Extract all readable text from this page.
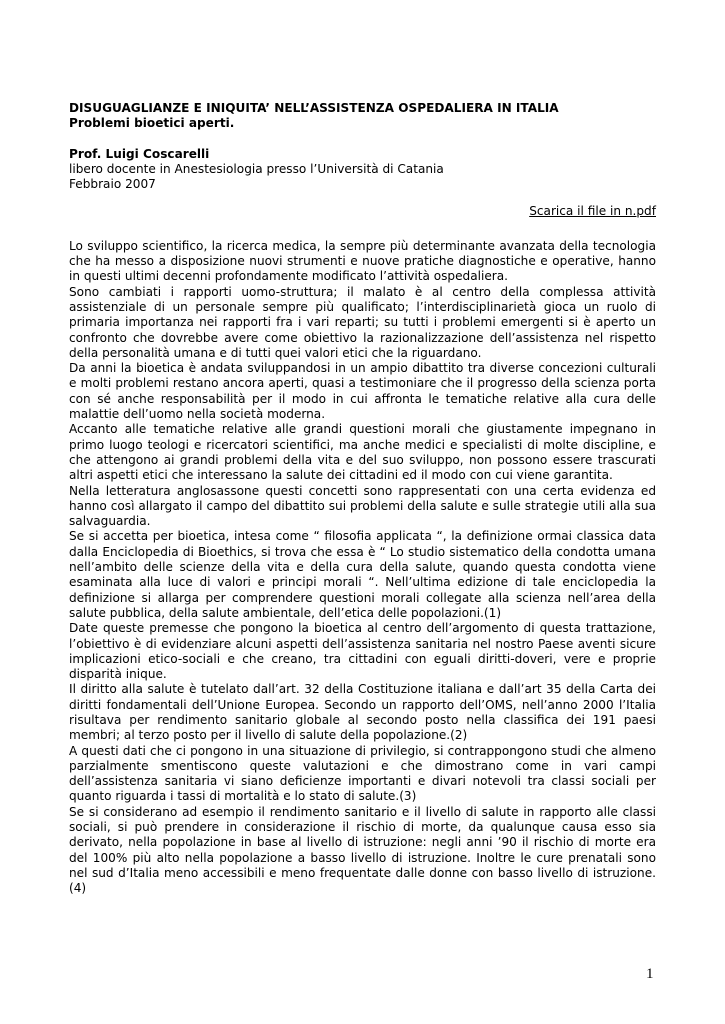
DISUGUAGLIANZE E INIQUITA’ NELL’ASSISTENZA OSPEDALIERA IN ITALIA

Problemi bioetici aperti.

Prof. Luigi Coscarelli

libero docente in Anestesiologia presso l’Università di Catania

Febbraio 2007

Scarica il file in n.pdf

Lo sviluppo scientifico, la ricerca medica, la sempre più determinante avanzata della tecnologia che ha messo a disposizione nuovi strumenti e nuove pratiche diagnostiche e operative, hanno in questi ultimi decenni profondamente modificato l’attività ospedaliera.

Sono cambiati i rapporti uomo-struttura; il malato è al centro della complessa attività assistenziale di un personale sempre più qualificato; l’interdisciplinarietà gioca un ruolo di primaria importanza nei rapporti fra i vari reparti; su tutti i problemi emergenti si è aperto un confronto che dovrebbe avere come obiettivo la razionalizzazione dell’assistenza nel rispetto della personalità umana e di tutti quei valori etici che la riguardano.

Da anni la bioetica è andata sviluppandosi in un ampio dibattito tra diverse concezioni culturali e molti problemi restano ancora aperti, quasi a testimoniare che il progresso della scienza porta con sé anche responsabilità per il modo in cui affronta le tematiche relative alla cura delle malattie dell’uomo nella società moderna.

Accanto alle tematiche relative alle grandi questioni morali che giustamente impegnano in primo luogo teologi e ricercatori scientifici, ma anche medici e specialisti di molte discipline, e che attengono ai grandi problemi della vita e del suo sviluppo, non possono essere trascurati altri aspetti etici che interessano la salute dei cittadini ed il modo con cui viene garantita.

Nella letteratura anglosassone questi concetti sono rappresentati con una certa evidenza ed hanno così allargato il campo del dibattito sui problemi della salute e sulle strategie utili alla sua salvaguardia.

Se si accetta per bioetica, intesa come “ filosofia applicata “, la definizione ormai classica data dalla Enciclopedia di Bioethics, si trova che essa è “ Lo studio sistematico della condotta umana nell’ambito delle scienze della vita e della cura della salute, quando questa condotta viene esaminata alla luce di valori e principi morali “. Nell’ultima edizione di tale enciclopedia la definizione si allarga per comprendere questioni morali collegate alla scienza nell’area della salute pubblica, della salute ambientale, dell’etica delle popolazioni.(1)

Date queste premesse che pongono la bioetica al centro dell’argomento di questa trattazione, l’obiettivo è di evidenziare alcuni aspetti dell’assistenza sanitaria nel nostro Paese aventi sicure implicazioni etico-sociali e che creano, tra cittadini con eguali diritti-doveri, vere e proprie disparità inique.

Il diritto alla salute è tutelato dall’art. 32 della Costituzione italiana e dall’art 35 della Carta dei diritti fondamentali dell’Unione Europea. Secondo un rapporto dell’OMS, nell’anno 2000 l’Italia risultava per rendimento sanitario globale al secondo posto nella classifica dei 191 paesi membri; al terzo posto per il livello di salute della popolazione.(2)

A questi dati che ci pongono in una situazione di privilegio, si contrappongono studi che almeno parzialmente smentiscono queste valutazioni e che dimostrano come in vari campi dell’assistenza sanitaria vi siano deficienze importanti e divari notevoli tra classi sociali per quanto riguarda i tassi di mortalità e lo stato di salute.(3)

Se si considerano ad esempio il rendimento sanitario e il livello di salute in rapporto alle classi sociali, si può prendere in considerazione il rischio di morte, da qualunque causa esso sia derivato, nella popolazione in base al livello di istruzione: negli anni ’90 il rischio di morte era del 100% più alto nella popolazione a basso livello di istruzione. Inoltre le cure prenatali sono nel sud d’Italia meno accessibili e meno frequentate dalle donne con basso livello di istruzione.(4)

1
